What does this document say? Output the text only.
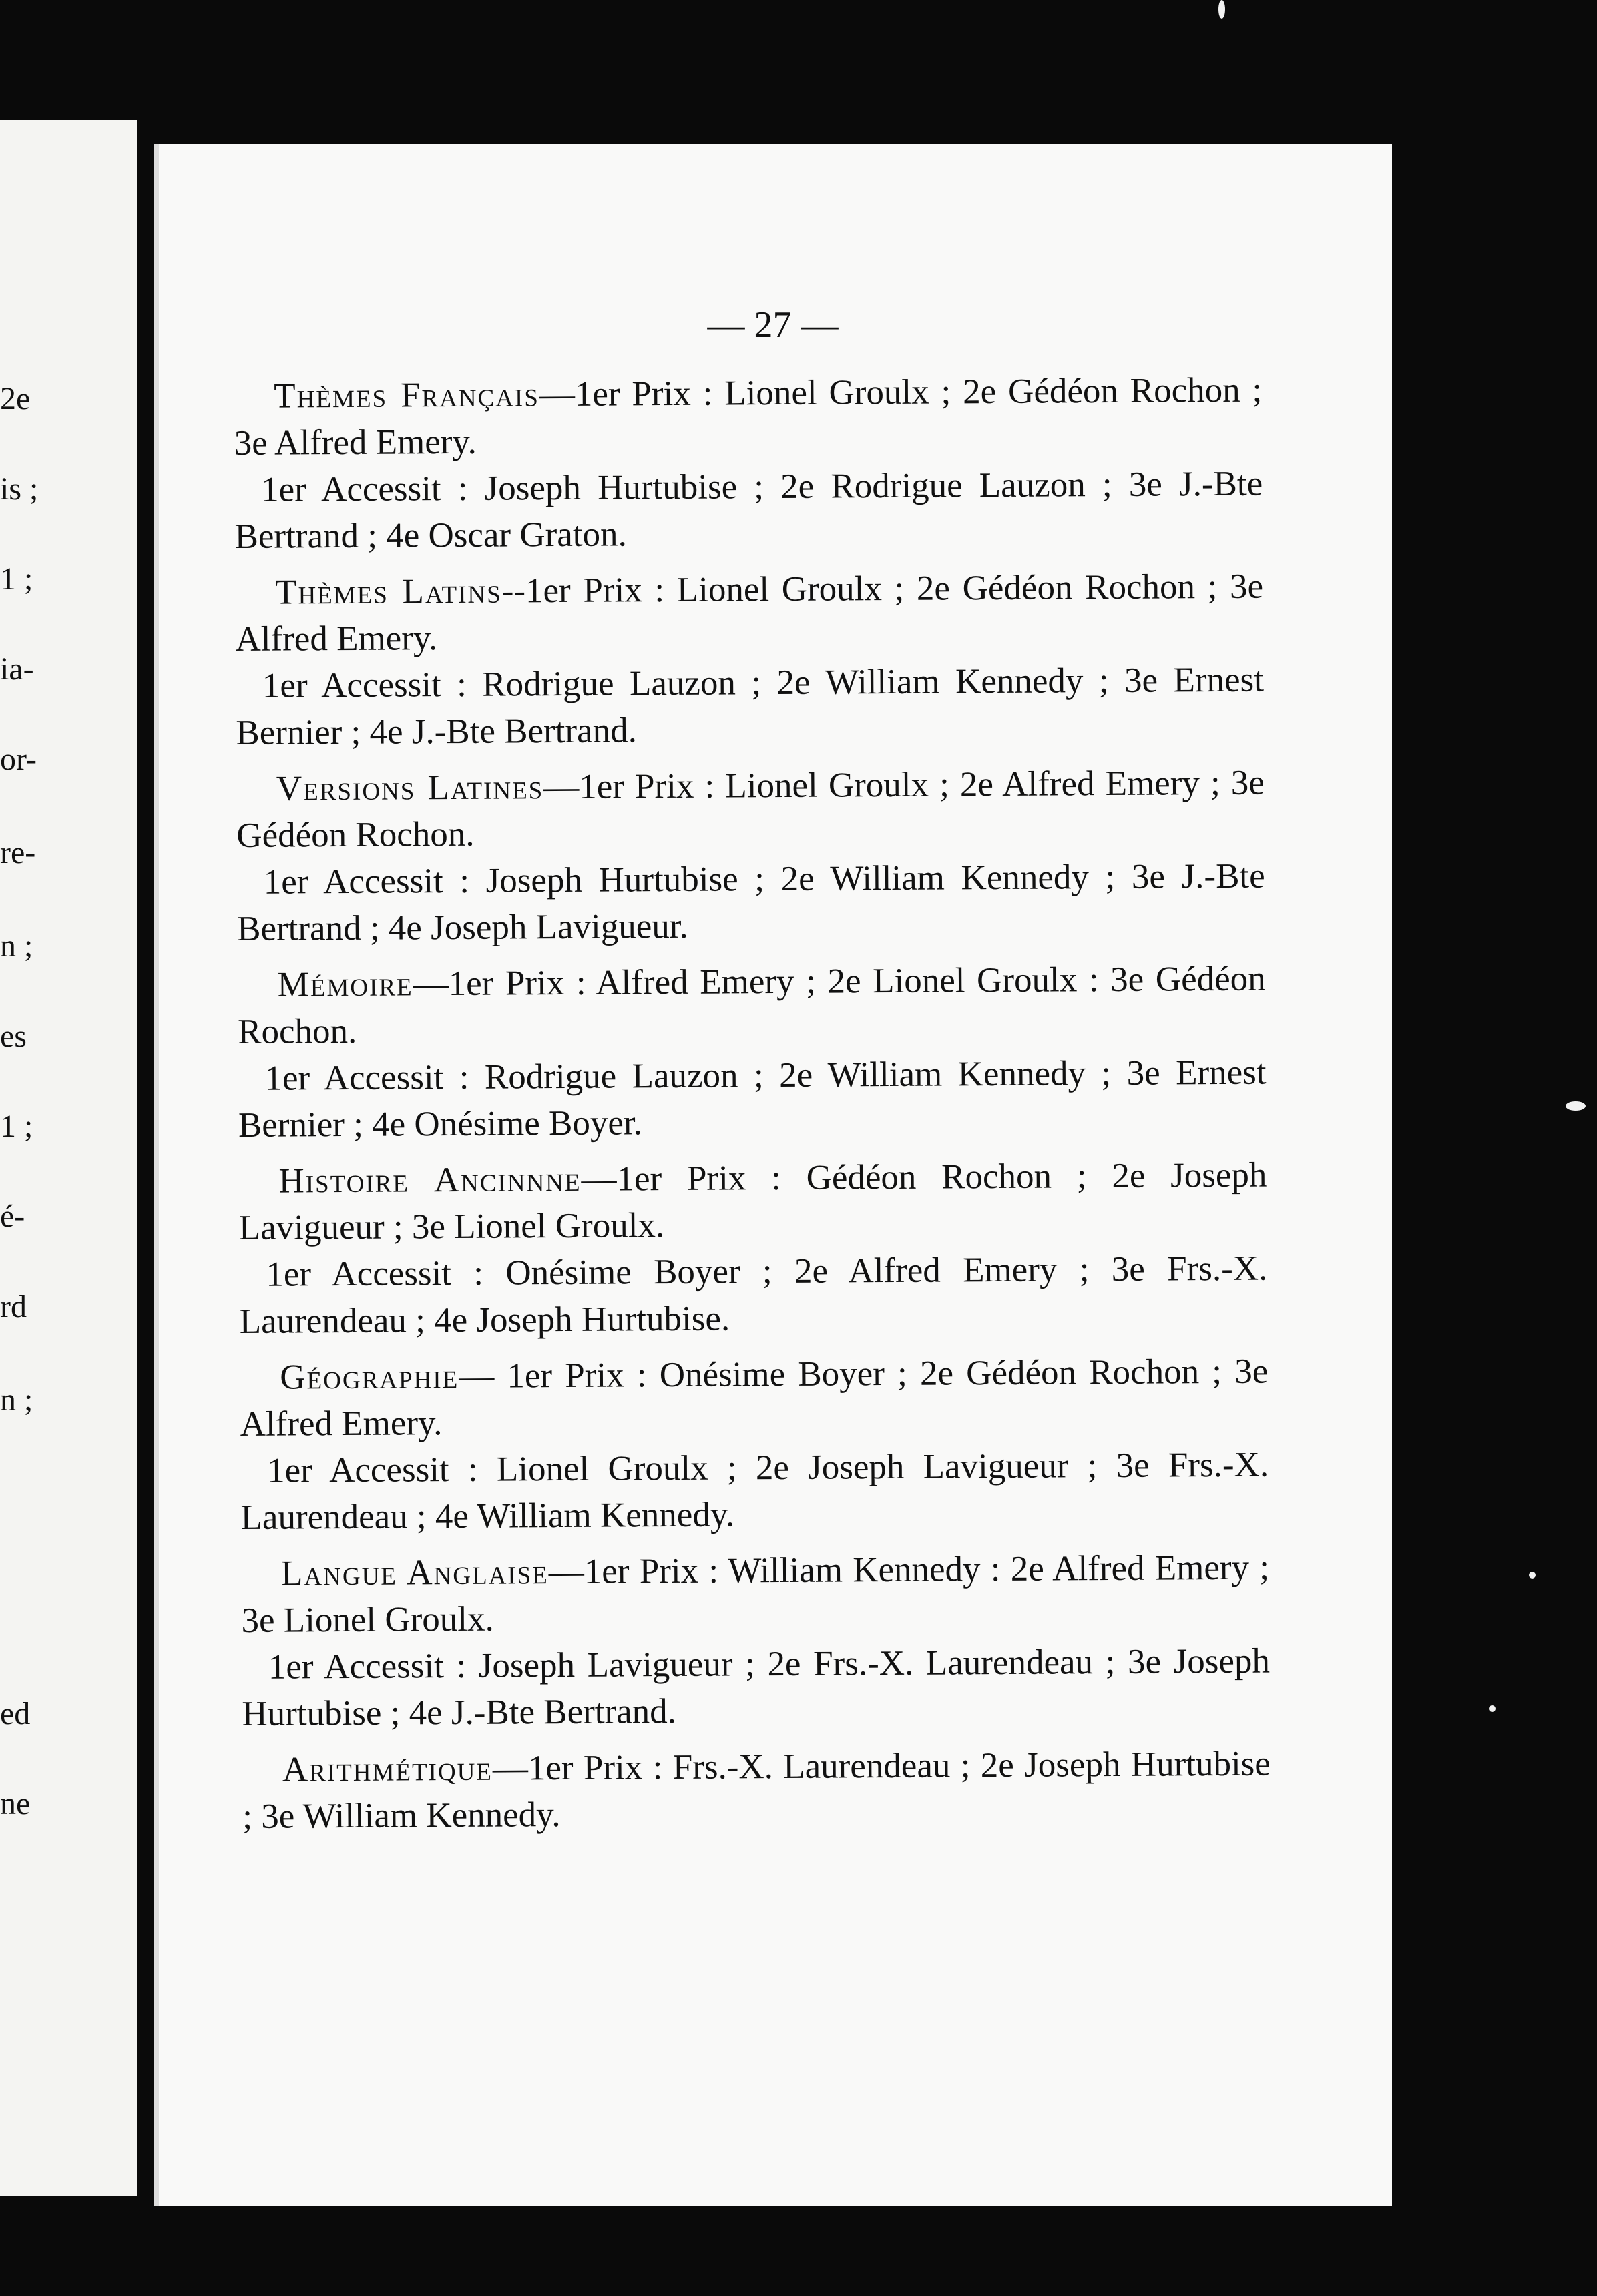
2e
is ;
1 ;
ia-
or-
re-
n ;
es
1 ;
é-
rd
n ;
ed
ne
— 27 —

Thèmes Français—1er Prix : Lionel Groulx ; 2e Gédéon Rochon ; 3e Alfred Emery.

1er Accessit : Joseph Hurtubise ; 2e Rodrigue Lauzon ; 3e J.-Bte Bertrand ; 4e Oscar Graton.

Thèmes Latins--1er Prix : Lionel Groulx ; 2e Gédéon Rochon ; 3e Alfred Emery.

1er Accessit : Rodrigue Lauzon ; 2e William Kennedy ; 3e Ernest Bernier ; 4e J.-Bte Bertrand.

Versions Latines—1er Prix : Lionel Groulx ; 2e Alfred Emery ; 3e Gédéon Rochon.

1er Accessit : Joseph Hurtubise ; 2e William Kennedy ; 3e J.-Bte Bertrand ; 4e Joseph Lavigueur.

Mémoire—1er Prix : Alfred Emery ; 2e Lionel Groulx : 3e Gédéon Rochon.

1er Accessit : Rodrigue Lauzon ; 2e William Kennedy ; 3e Ernest Bernier ; 4e Onésime Boyer.

Histoire Ancinnne—1er Prix : Gédéon Rochon ; 2e Joseph Lavigueur ; 3e Lionel Groulx.

1er Accessit : Onésime Boyer ; 2e Alfred Emery ; 3e Frs.-X. Laurendeau ; 4e Joseph Hurtubise.

Géographie— 1er Prix : Onésime Boyer ; 2e Gédéon Rochon ; 3e Alfred Emery.

1er Accessit : Lionel Groulx ; 2e Joseph Lavigueur ; 3e Frs.-X. Laurendeau ; 4e William Kennedy.

Langue Anglaise—1er Prix : William Kennedy : 2e Alfred Emery ; 3e Lionel Groulx.

1er Accessit : Joseph Lavigueur ; 2e Frs.-X. Laurendeau ; 3e Joseph Hurtubise ; 4e J.-Bte Bertrand.

Arithmétique—1er Prix : Frs.-X. Laurendeau ; 2e Joseph Hurtubise ; 3e William Kennedy.
